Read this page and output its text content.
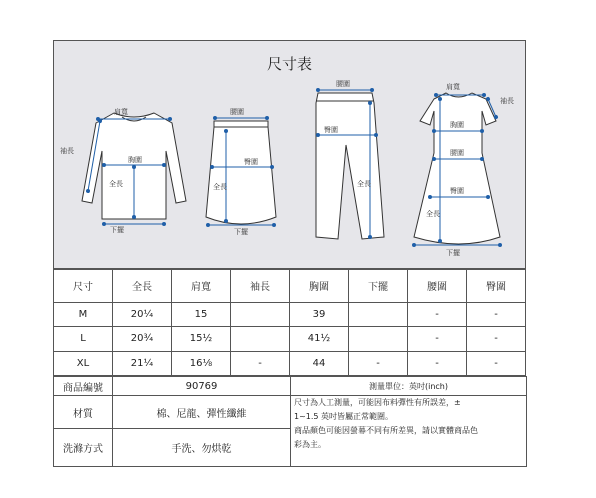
尺寸表
肩寬
袖長
胸圍
全長
下擺
腰圍
臀圍
全長
下擺
腰圍
臀圍
全長
肩寬
袖長
胸圍
腰圍
臀圍
全長
下擺
尺寸	全長	肩寬	袖長	胸圍	下擺	腰圍	臀圍
M	20¼	15		39		-	-
L	20¾	15½		41½		-	-
XL	21¼	16⅛	-	44	-	-	-
商品編號	90769	測量單位：英吋(inch)
材質	棉、尼龍、彈性纖維	尺寸為人工測量，可能因布料彈性有所誤差，±
1~1.5 英吋皆屬正常範圍。
商品顏色可能因螢幕不同有所差異，請以實體商品色
彩為主。

洗滌方式	手洗、勿烘乾	
